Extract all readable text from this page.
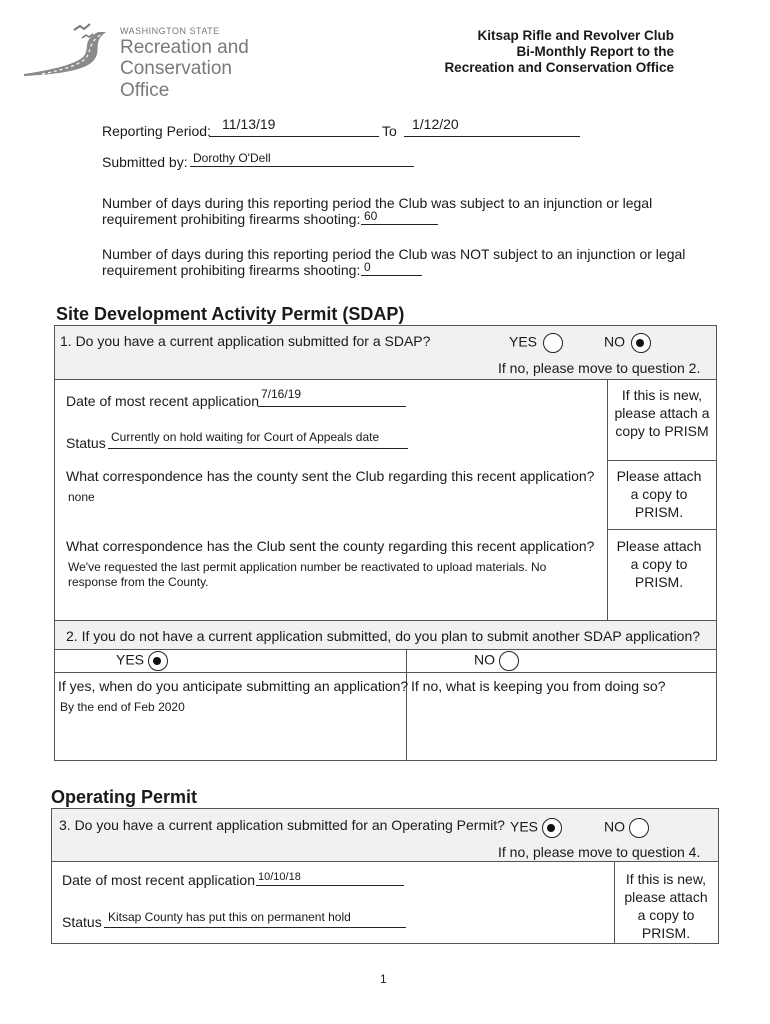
WASHINGTON STATE
Recreation and
Conservation Office
Kitsap Rifle and Revolver Club
Bi-Monthly Report to the
Recreation and Conservation Office
Reporting Period: 11/13/19	To 1/12/20
Submitted by: Dorothy O'Dell
Number of days during this reporting period the Club was subject to an injunction or legal
requirement prohibiting firearms shooting: 60
Number of days during this reporting period the Club was NOT subject to an injunction or legal
requirement prohibiting firearms shooting: 0
Site Development Activity Permit (SDAP)
1. Do you have a current application submitted for a SDAP?	YES	NO
If no, please move to question 2.
Date of most recent application 7/16/19
Status Currently on hold waiting for Court of Appeals date
If this is new, please attach a copy to PRISM
What correspondence has the county sent the Club regarding this recent application?
none
Please attach a copy to PRISM.
What correspondence has the Club sent the county regarding this recent application?
We've requested the last permit application number be reactivated to upload materials. No
response from the County.
Please attach a copy to PRISM.
2. If you do not have a current application submitted, do you plan to submit another SDAP application?
YES	NO
If yes, when do you anticipate submitting an application?
By the end of Feb 2020
If no, what is keeping you from doing so?
Operating Permit
3. Do you have a current application submitted for an Operating Permit? YES	NO
If no, please move to question 4.
Date of most recent application 10/10/18
Status Kitsap County has put this on permanent hold
If this is new, please attach a copy to PRISM.
1
